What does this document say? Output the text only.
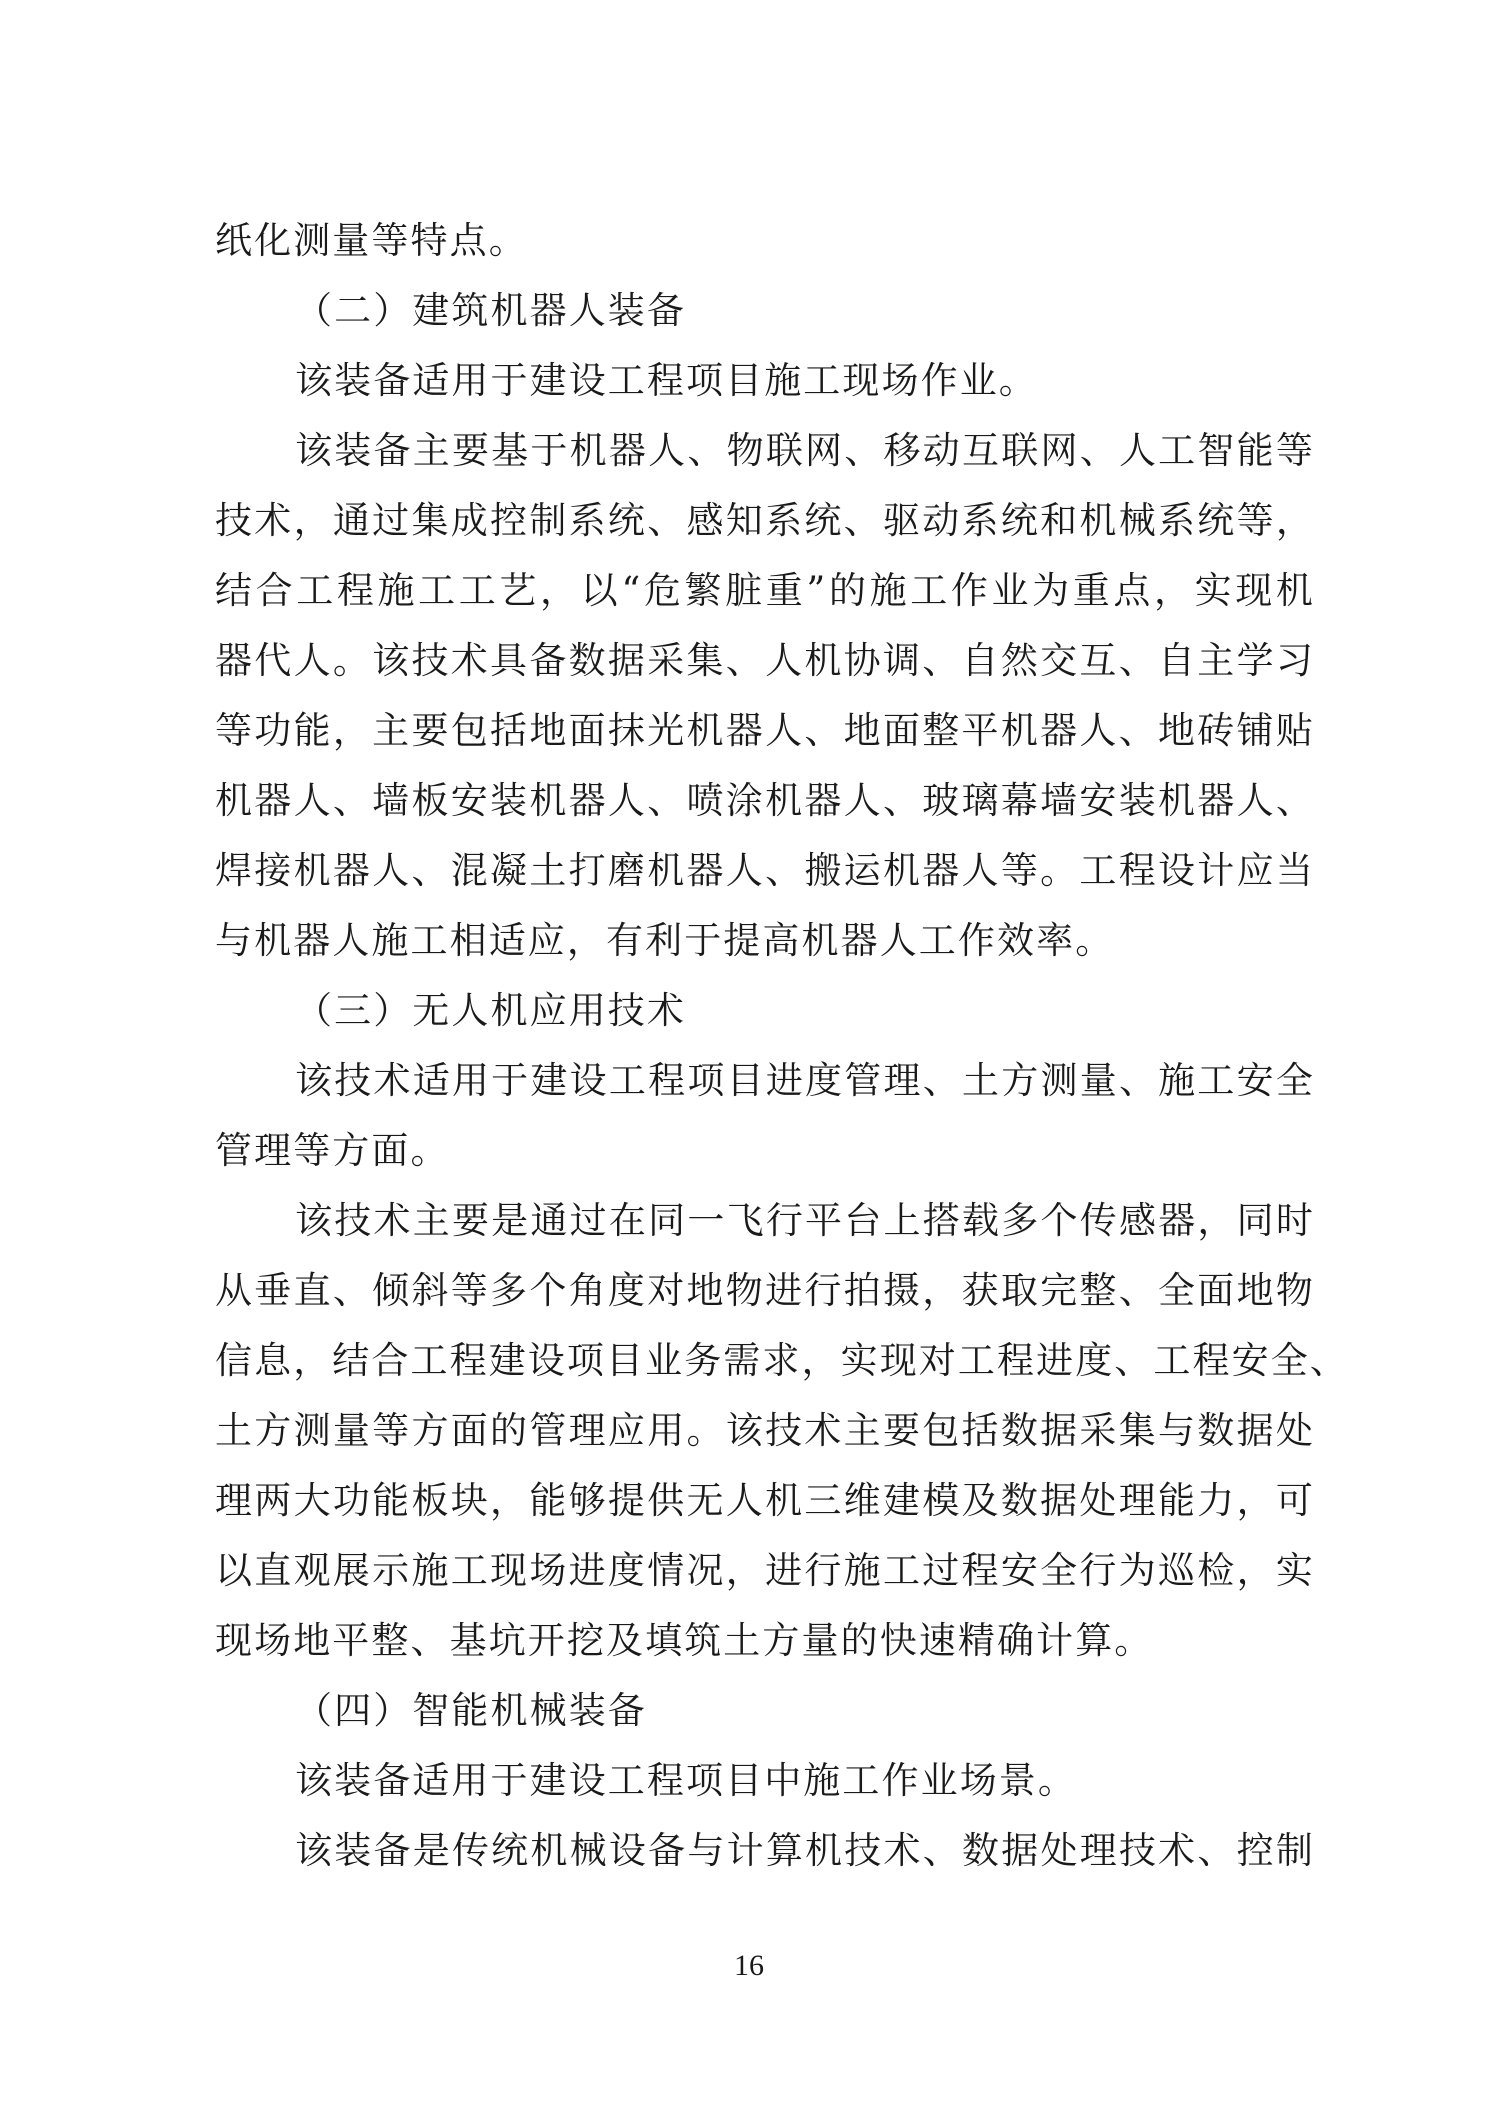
纸化测量等特点。
（二）建筑机器人装备
该装备适用于建设工程项目施工现场作业。
该装备主要基于机器人、物联网、移动互联网、人工智能等
技术，通过集成控制系统、感知系统、驱动系统和机械系统等，
结合工程施工工艺，以“危繁脏重”的施工作业为重点，实现机
器代人。该技术具备数据采集、人机协调、自然交互、自主学习
等功能，主要包括地面抹光机器人、地面整平机器人、地砖铺贴
机器人、墙板安装机器人、喷涂机器人、玻璃幕墙安装机器人、
焊接机器人、混凝土打磨机器人、搬运机器人等。工程设计应当
与机器人施工相适应，有利于提高机器人工作效率。
（三）无人机应用技术
该技术适用于建设工程项目进度管理、土方测量、施工安全
管理等方面。
该技术主要是通过在同一飞行平台上搭载多个传感器，同时
从垂直、倾斜等多个角度对地物进行拍摄，获取完整、全面地物
信息，结合工程建设项目业务需求，实现对工程进度、工程安全、
土方测量等方面的管理应用。该技术主要包括数据采集与数据处
理两大功能板块，能够提供无人机三维建模及数据处理能力，可
以直观展示施工现场进度情况，进行施工过程安全行为巡检，实
现场地平整、基坑开挖及填筑土方量的快速精确计算。
（四）智能机械装备
该装备适用于建设工程项目中施工作业场景。
该装备是传统机械设备与计算机技术、数据处理技术、控制
16
